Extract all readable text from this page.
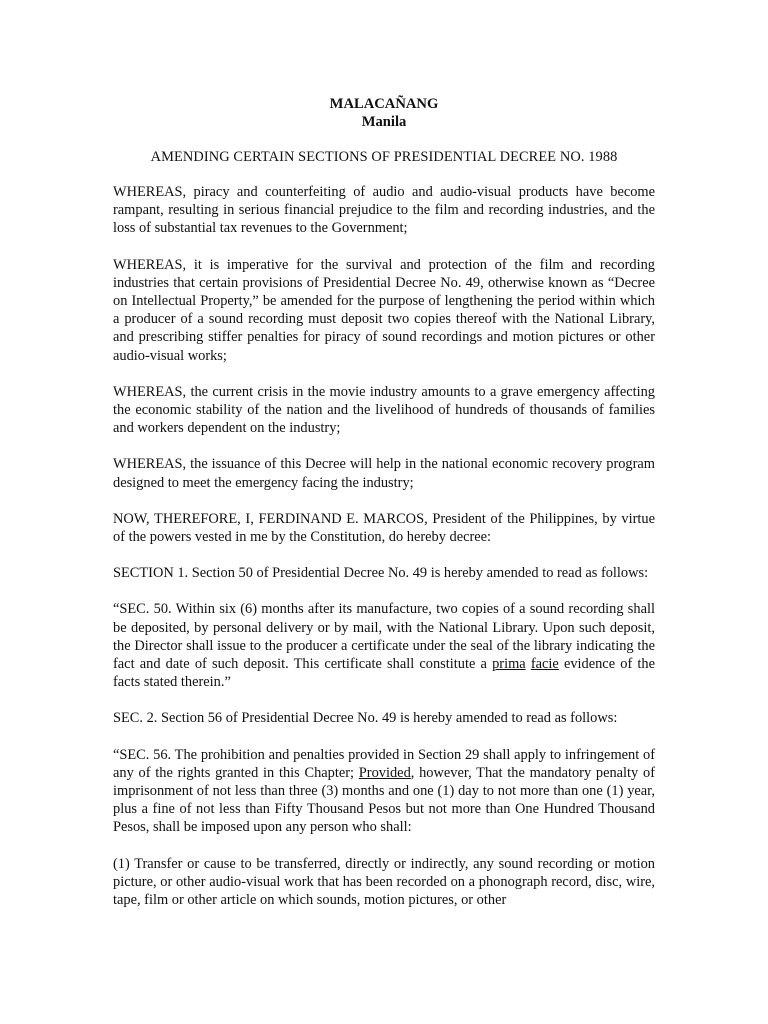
MALACAÑANG
Manila
AMENDING CERTAIN SECTIONS OF PRESIDENTIAL DECREE NO. 1988

WHEREAS, piracy and counterfeiting of audio and audio-visual products have become rampant, resulting in serious financial prejudice to the film and recording industries, and the loss of substantial tax revenues to the Government;

WHEREAS, it is imperative for the survival and protection of the film and recording industries that certain provisions of Presidential Decree No. 49, otherwise known as “Decree on Intellectual Property,” be amended for the purpose of lengthening the period within which a producer of a sound recording must deposit two copies thereof with the National Library, and prescribing stiffer penalties for piracy of sound recordings and motion pictures or other audio-visual works;

WHEREAS, the current crisis in the movie industry amounts to a grave emergency affecting the economic stability of the nation and the livelihood of hundreds of thousands of families and workers dependent on the industry;

WHEREAS, the issuance of this Decree will help in the national economic recovery program designed to meet the emergency facing the industry;

NOW, THEREFORE, I, FERDINAND E. MARCOS, President of the Philippines, by virtue of the powers vested in me by the Constitution, do hereby decree:

SECTION 1. Section 50 of Presidential Decree No. 49 is hereby amended to read as follows:

“SEC. 50. Within six (6) months after its manufacture, two copies of a sound recording shall be deposited, by personal delivery or by mail, with the National Library. Upon such deposit, the Director shall issue to the producer a certificate under the seal of the library indicating the fact and date of such deposit. This certificate shall constitute a prima facie evidence of the facts stated therein.”

SEC. 2. Section 56 of Presidential Decree No. 49 is hereby amended to read as follows:

“SEC. 56. The prohibition and penalties provided in Section 29 shall apply to infringement of any of the rights granted in this Chapter; Provided, however, That the mandatory penalty of imprisonment of not less than three (3) months and one (1) day to not more than one (1) year, plus a fine of not less than Fifty Thousand Pesos but not more than One Hundred Thousand Pesos, shall be imposed upon any person who shall:

(1) Transfer or cause to be transferred, directly or indirectly, any sound recording or motion picture, or other audio-visual work that has been recorded on a phonograph record, disc, wire, tape, film or other article on which sounds, motion pictures, or other
